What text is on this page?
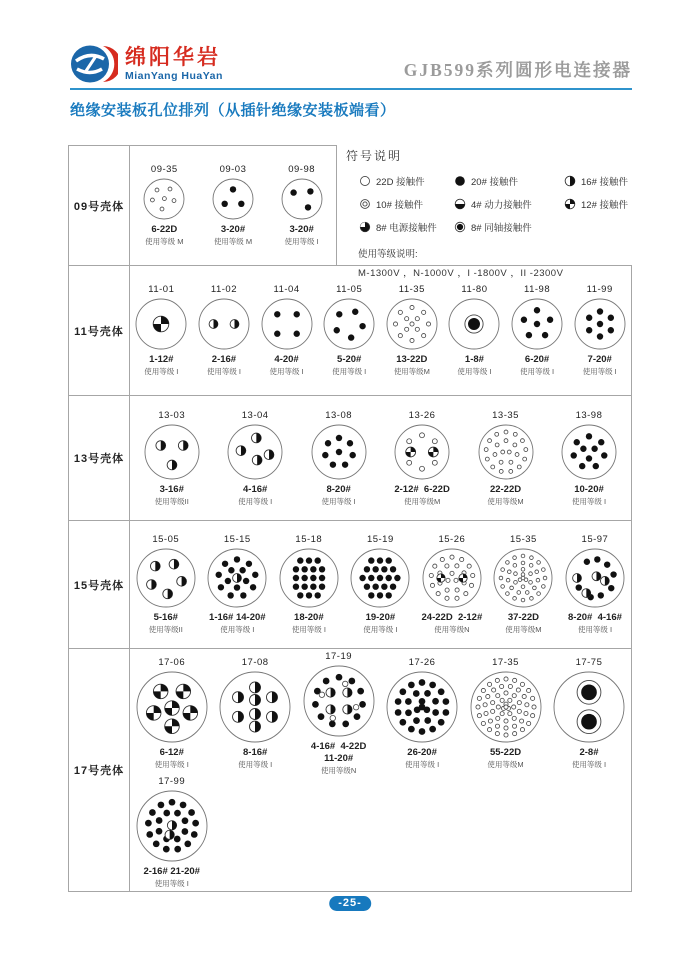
绵阳华岩
MianYang HuaYan	GJB599系列圆形电连接器
绝缘安装板孔位排列（从插针绝缘安装板端看）
09号壳体
09-35
6-22D
使用等级 M
09-03
3-20#
使用等级 M
09-98
3-20#
使用等级 I
符号说明
22D 接触件	20# 接触件	16# 接触件
10# 接触件	4# 动力接触件	12# 接触件
8# 电源接触件	8# 同轴接触件
使用等级说明:
M-1300V ，N-1000V ，I -1800V ，II -2300V
11号壳体
11-01
1-12#
使用等级 I
11-02
2-16#
使用等级 I
11-04
4-20#
使用等级 I
11-05
5-20#
使用等级 I
11-35
13-22D
使用等级M
11-80
1-8#
使用等级 I
11-98
6-20#
使用等级 I
11-99
7-20#
使用等级 I
13号壳体
13-03
3-16#
使用等级II
13-04
4-16#
使用等级 I
13-08
8-20#
使用等级 I
13-26
2-12#  6-22D
使用等级M
13-35
22-22D
使用等级M
13-98
10-20#
使用等级 I
15号壳体
15-05
5-16#
使用等级II
15-15
1-16# 14-20#
使用等级 I
15-18
18-20#
使用等级 I
15-19
19-20#
使用等级 I
15-26
24-22D  2-12#
使用等级N
15-35
37-22D
使用等级M
15-97
8-20#  4-16#
使用等级 I
17号壳体
17-06
6-12#
使用等级 I
17-08
8-16#
使用等级 I
17-19
4-16#  4-22D
11-20#
使用等级N
17-26
26-20#
使用等级 I
17-35
55-22D
使用等级M
17-75
2-8#
使用等级 I
17-99
2-16# 21-20#
使用等级 I
-25-
